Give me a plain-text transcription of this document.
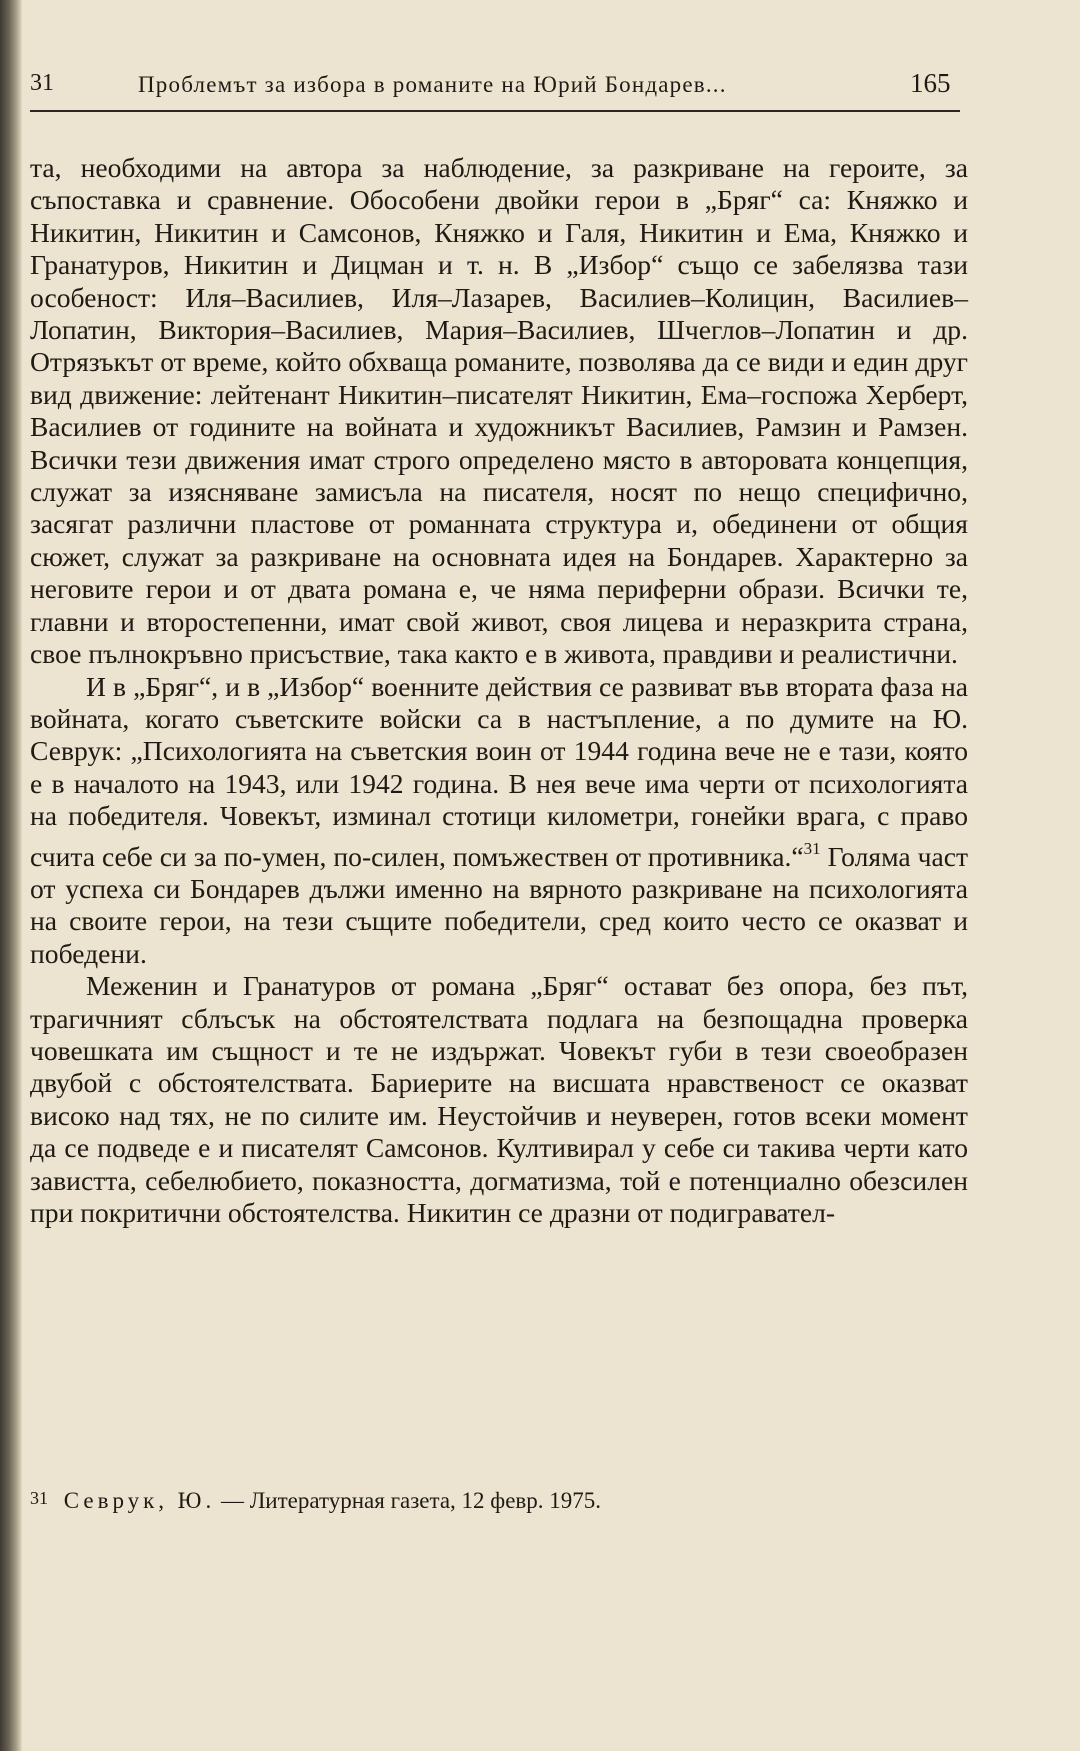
31	Проблемът за избора в романите на Юрий Бондарев...	165

та, необходими на автора за наблюдение, за разкриване на героите, за съпоставка и сравнение. Обособени двойки герои в „Бряг“ са: Княжко и Никитин, Никитин и Самсонов, Княжко и Галя, Никитин и Ема, Княжко и Гранатуров, Никитин и Дицман и т. н. В „Избор“ също се забелязва тази особеност: Иля–Василиев, Иля–Лазарев, Василиев–Колицин, Василиев–Лопатин, Виктория–Василиев, Мария–Василиев, Шчеглов–Лопатин и др. Отрязъкът от време, който обхваща романите, позволява да се види и един друг вид движение: лейтенант Никитин–писателят Никитин, Ема–госпожа Херберт, Василиев от годините на войната и художникът Василиев, Рамзин и Рамзен. Всички тези движения имат строго определено място в авторовата концепция, служат за изясняване замисъла на писателя, носят по нещо специфично, засягат различни пластове от романната структура и, обединени от общия сюжет, служат за разкриване на основната идея на Бондарев. Характерно за неговите герои и от двата романа е, че няма периферни образи. Всички те, главни и второстепенни, имат свой живот, своя лицева и неразкрита страна, свое пълнокръвно присъствие, така както е в живота, правдиви и реалистични.

И в „Бряг“, и в „Избор“ военните действия се развиват във втората фаза на войната, когато съветските войски са в настъпление, а по думите на Ю. Севрук: „Психологията на съветския воин от 1944 година вече не е тази, която е в началото на 1943, или 1942 година. В нея вече има черти от психологията на победителя. Човекът, изминал стотици километри, гонейки врага, с право счита себе си за по-умен, по-силен, помъжествен от противника.“$^{31}$ Голяма част от успеха си Бондарев дължи именно на вярното разкриване на психологията на своите герои, на тези същите победители, сред които често се оказват и победени.

Меженин и Гранатуров от романа „Бряг“ остават без опора, без път, трагичният сблъсък на обстоятелствата подлага на безпощадна проверка човешката им същност и те не издържат. Човекът губи в тези своеобразен двубой с обстоятелствата. Бариерите на висшата нравственост се оказват високо над тях, не по силите им. Неустойчив и неуверен, готов всеки момент да се подведе е и писателят Самсонов. Култивирал у себе си такива черти като завистта, себелюбието, показността, догматизма, той е потенциално обезсилен при покритични обстоятелства. Никитин се дразни от подигравател-

31 Севрук, Ю. — Литературная газета, 12 февр. 1975.
